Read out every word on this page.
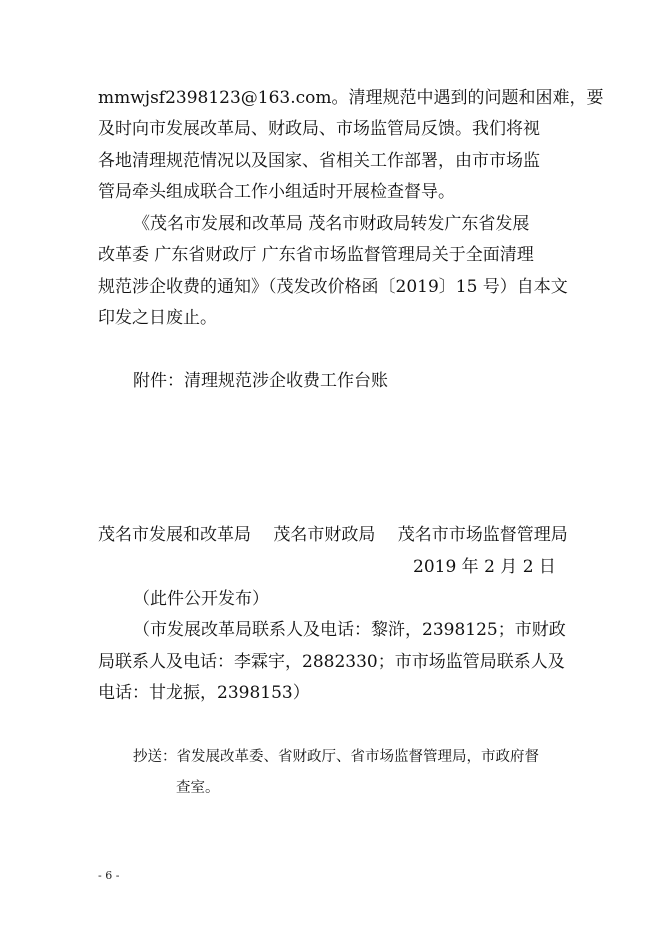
mmwjsf2398123@163.com。清理规范中遇到的问题和困难，要
及时向市发展改革局、财政局、市场监管局反馈。我们将视
各地清理规范情况以及国家、省相关工作部署，由市市场监
管局牵头组成联合工作小组适时开展检查督导。
《茂名市发展和改革局 茂名市财政局转发广东省发展
改革委 广东省财政厅 广东省市场监督管理局关于全面清理
规范涉企收费的通知》（茂发改价格函〔2019〕15 号）自本文
印发之日废止。
附件：清理规范涉企收费工作台账
茂名市发展和改革局　 茂名市财政局　 茂名市市场监督管理局
2019 年 2 月 2 日
（此件公开发布）
（市发展改革局联系人及电话：黎浒，2398125；市财政
局联系人及电话：李霖宇，2882330；市市场监管局联系人及
电话：甘龙振，2398153）
抄送：省发展改革委、省财政厅、省市场监督管理局，市政府督
查室。
- 6 -
